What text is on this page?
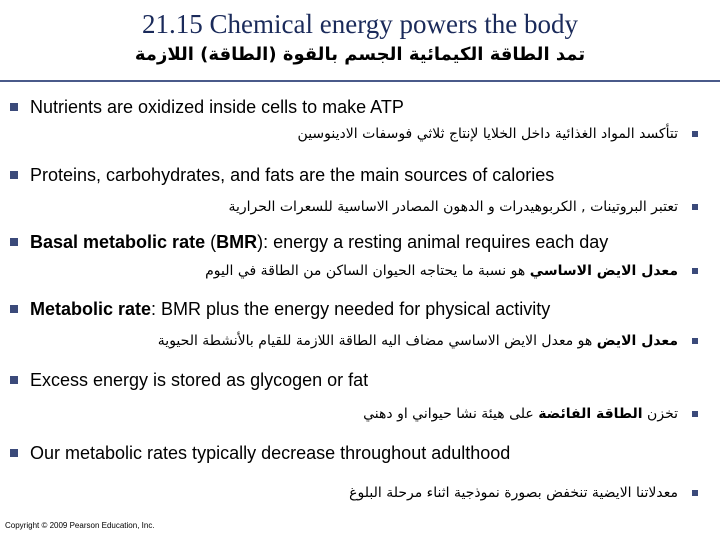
21.15 Chemical energy powers the body
تمد الطاقة الكيمائية الجسم بالقوة (الطاقة) اللازمة
Nutrients are oxidized inside cells to make ATP
تتأكسد المواد الغذائية داخل الخلايا لإنتاج ثلاثي فوسفات الادينوسين
Proteins, carbohydrates, and fats are the main sources of calories
تعتبر البروتينات , الكربوهيدرات و الدهون المصادر الاساسية للسعرات الحرارية
Basal metabolic rate (BMR): energy a resting animal requires each day
معدل الايض الاساسي هو نسبة ما يحتاجه الحيوان الساكن من الطاقة في اليوم
Metabolic rate: BMR plus the energy needed for physical activity
معدل الايض هو معدل الايض الاساسي مضاف اليه الطاقة اللازمة للقيام بالأنشطة الحيوية
Excess energy is stored as glycogen or fat
تخزن الطاقة الفائضة على هيئة نشا حيواني او دهني
Our metabolic rates typically decrease throughout adulthood
معدلاتنا الايضية تنخفض بصورة نموذجية اثناء مرحلة البلوغ
Copyright © 2009 Pearson Education, Inc.
